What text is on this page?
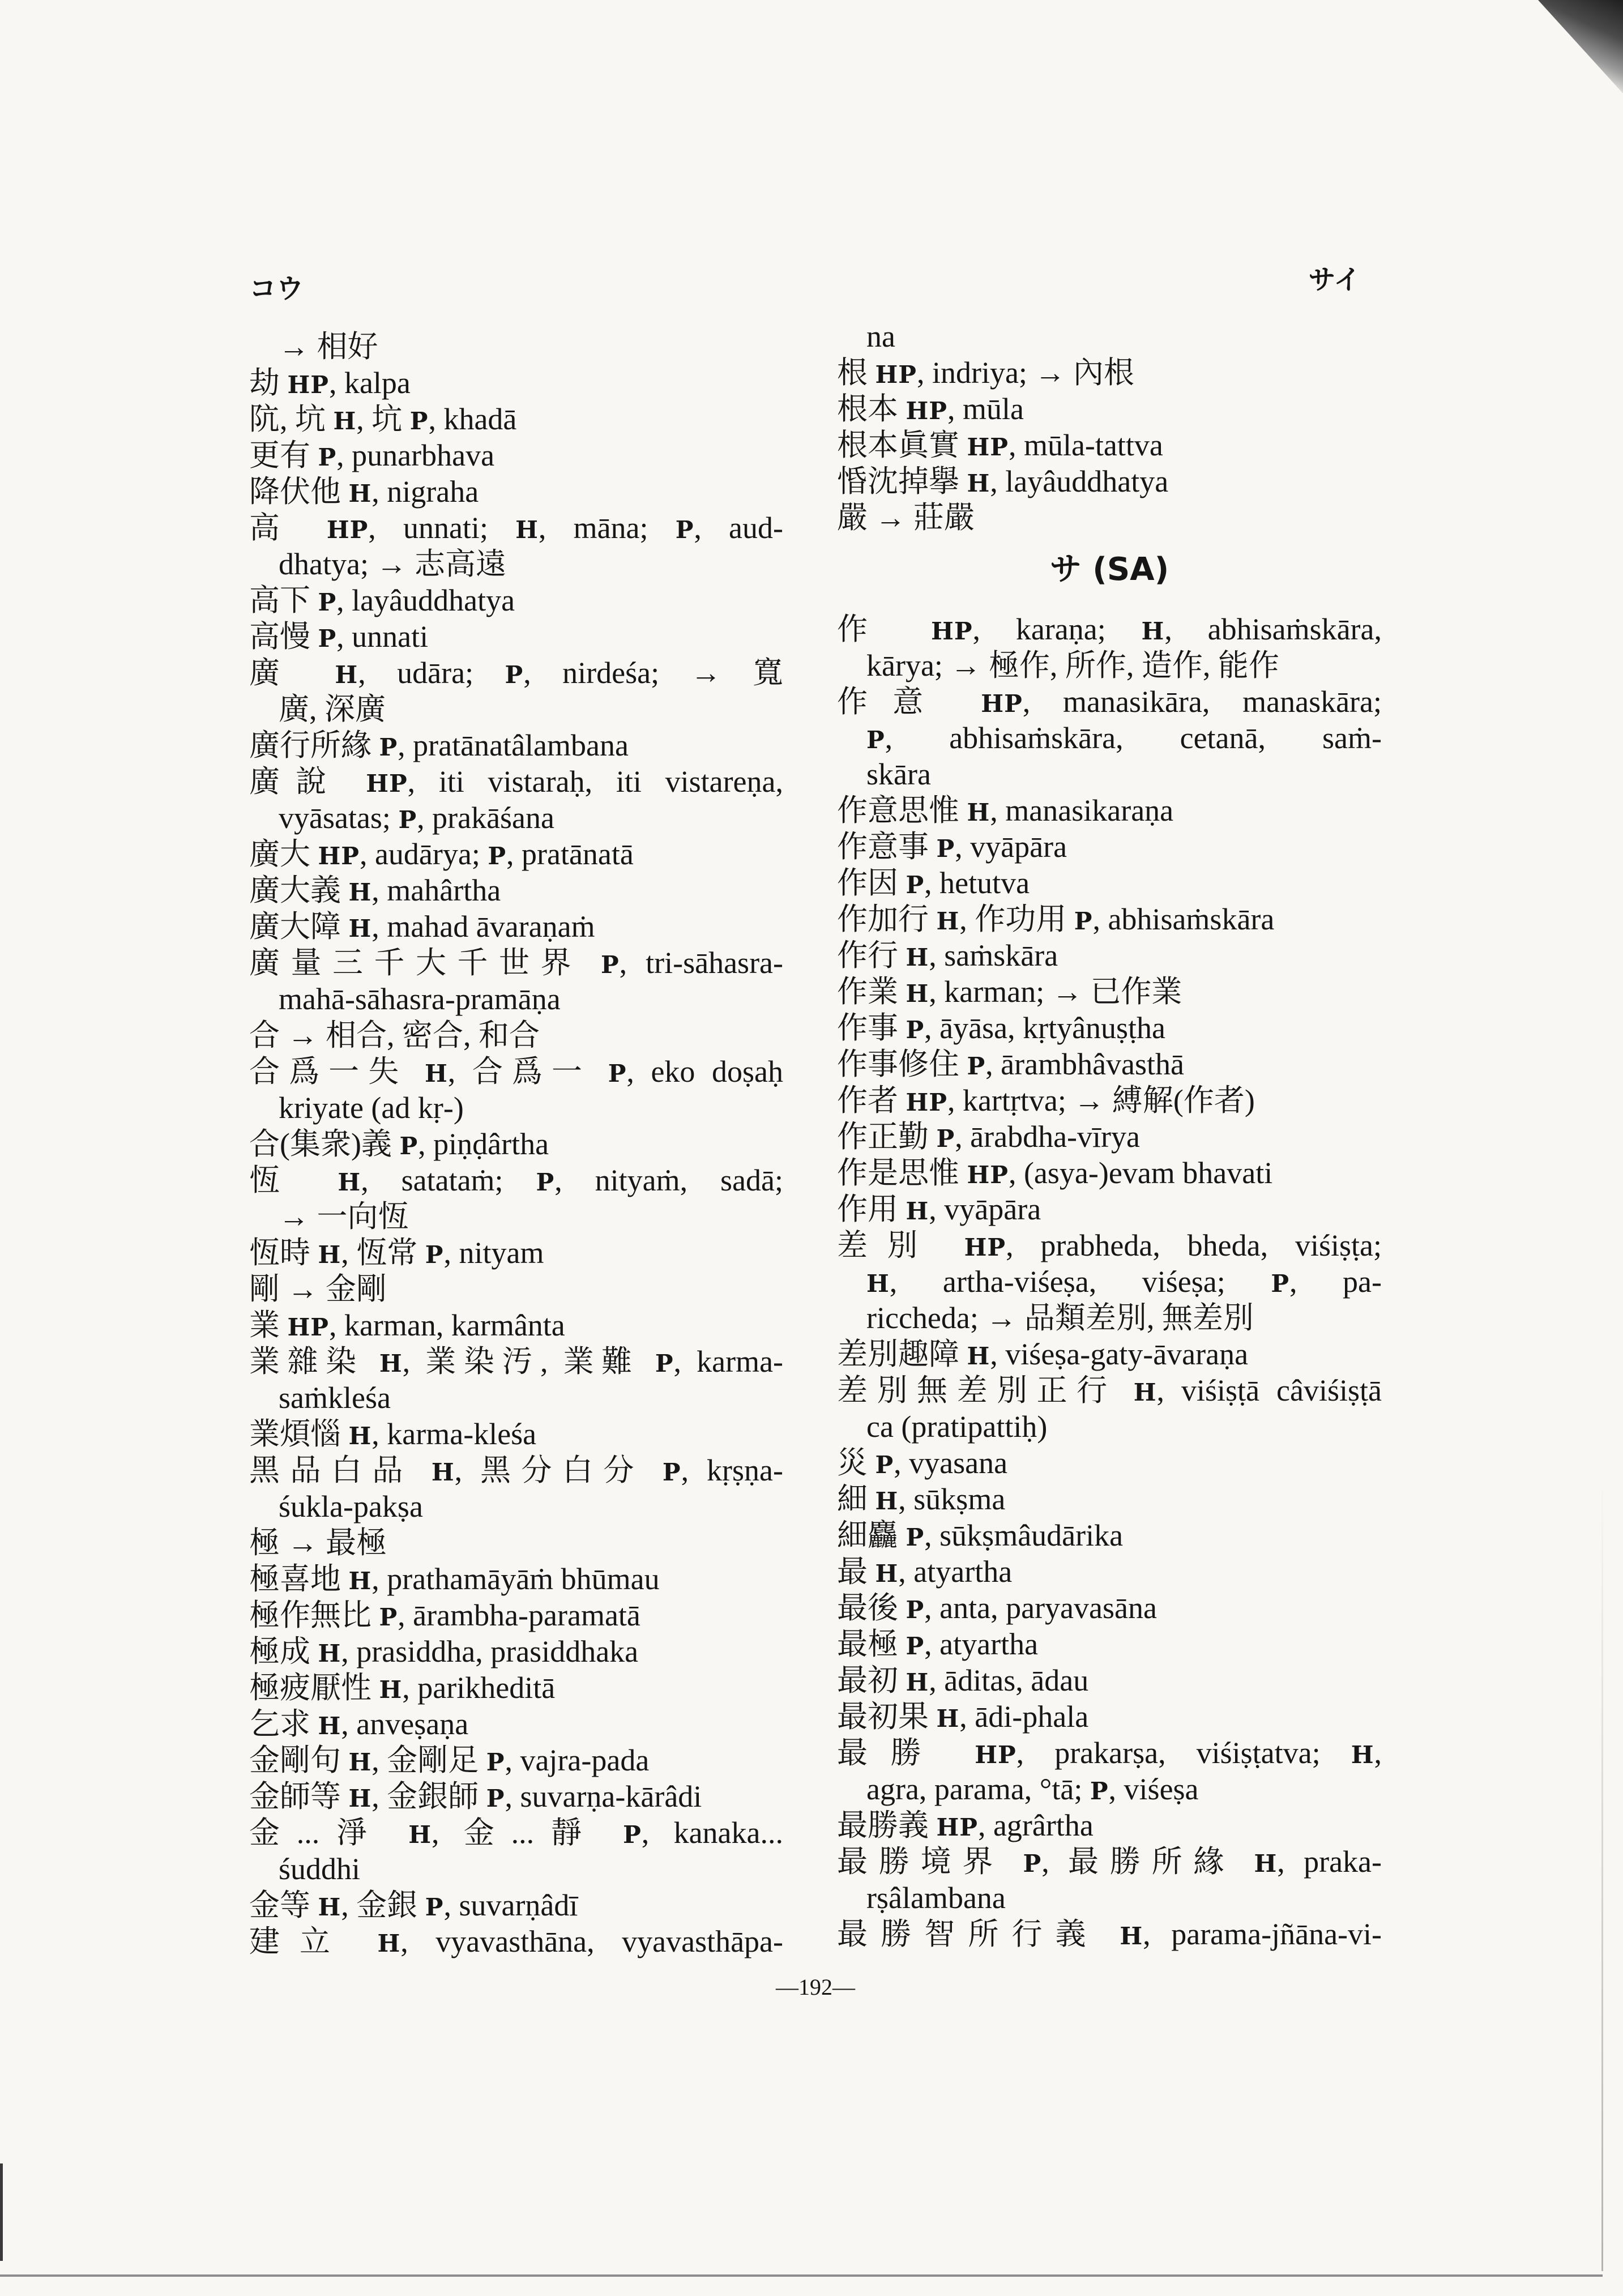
コウ	サイ
→ 相好
劫 HP, kalpa
阬, 坑 H, 坑 P, khadā
更有 P, punarbhava
降伏他 H, nigraha
高 HP, unnati; H, māna; P, aud-
dhatya; → 志高遠
高下 P, layâuddhatya
高慢 P, unnati
廣 H, udāra; P, nirdeśa; → 寬
廣, 深廣
廣行所緣 P, pratānatâlambana
廣說 HP, iti vistaraḥ, iti vistareṇa,
vyāsatas; P, prakāśana
廣大 HP, audārya; P, pratānatā
廣大義 H, mahârtha
廣大障 H, mahad āvaraṇaṁ
廣量三千大千世界 P, tri-sāhasra-
mahā-sāhasra-pramāṇa
合 → 相合, 密合, 和合
合爲一失 H, 合爲一 P, eko doṣaḥ
kriyate (ad kṛ-)
合(集衆)義 P, piṇḍârtha
恆 H, satataṁ; P, nityaṁ, sadā;
→ 一向恆
恆時 H, 恆常 P, nityam
剛 → 金剛
業 HP, karman, karmânta
業雜染 H, 業染汚, 業難 P, karma-
saṁkleśa
業煩惱 H, karma-kleśa
黑品白品 H, 黑分白分 P, kṛṣṇa-
śukla-pakṣa
極 → 最極
極喜地 H, prathamāyāṁ bhūmau
極作無比 P, ārambha-paramatā
極成 H, prasiddha, prasiddhaka
極疲厭性 H, parikheditā
乞求 H, anveṣaṇa
金剛句 H, 金剛足 P, vajra-pada
金師等 H, 金銀師 P, suvarṇa-kārâdi
金...淨 H, 金...靜 P, kanaka...
śuddhi
金等 H, 金銀 P, suvarṇâdī
建立 H, vyavasthāna, vyavasthāpa-
na
根 HP, indriya; → 內根
根本 HP, mūla
根本眞實 HP, mūla-tattva
惛沈掉擧 H, layâuddhatya
嚴 → 莊嚴
サ (SA)
作 HP, karaṇa; H, abhisaṁskāra,
kārya; → 極作, 所作, 造作, 能作
作意 HP, manasikāra, manaskāra;
P, abhisaṁskāra, cetanā, saṁ-
skāra
作意思惟 H, manasikaraṇa
作意事 P, vyāpāra
作因 P, hetutva
作加行 H, 作功用 P, abhisaṁskāra
作行 H, saṁskāra
作業 H, karman; → 已作業
作事 P, āyāsa, kṛtyânuṣṭha
作事修住 P, ārambhâvasthā
作者 HP, kartṛtva; → 縛解(作者)
作正勤 P, ārabdha-vīrya
作是思惟 HP, (asya-)evam bhavati
作用 H, vyāpāra
差別 HP, prabheda, bheda, viśiṣṭa;
H, artha-viśeṣa, viśeṣa; P, pa-
riccheda; → 品類差別, 無差別
差別趣障 H, viśeṣa-gaty-āvaraṇa
差別無差別正行 H, viśiṣṭā câviśiṣṭā
ca (pratipattiḥ)
災 P, vyasana
細 H, sūkṣma
細麤 P, sūkṣmâudārika
最 H, atyartha
最後 P, anta, paryavasāna
最極 P, atyartha
最初 H, āditas, ādau
最初果 H, ādi-phala
最勝 HP, prakarṣa, viśiṣṭatva; H,
agra, parama, °tā; P, viśeṣa
最勝義 HP, agrârtha
最勝境界 P, 最勝所緣 H, praka-
rṣâlambana
最勝智所行義 H, parama-jñāna-vi-
—192—
